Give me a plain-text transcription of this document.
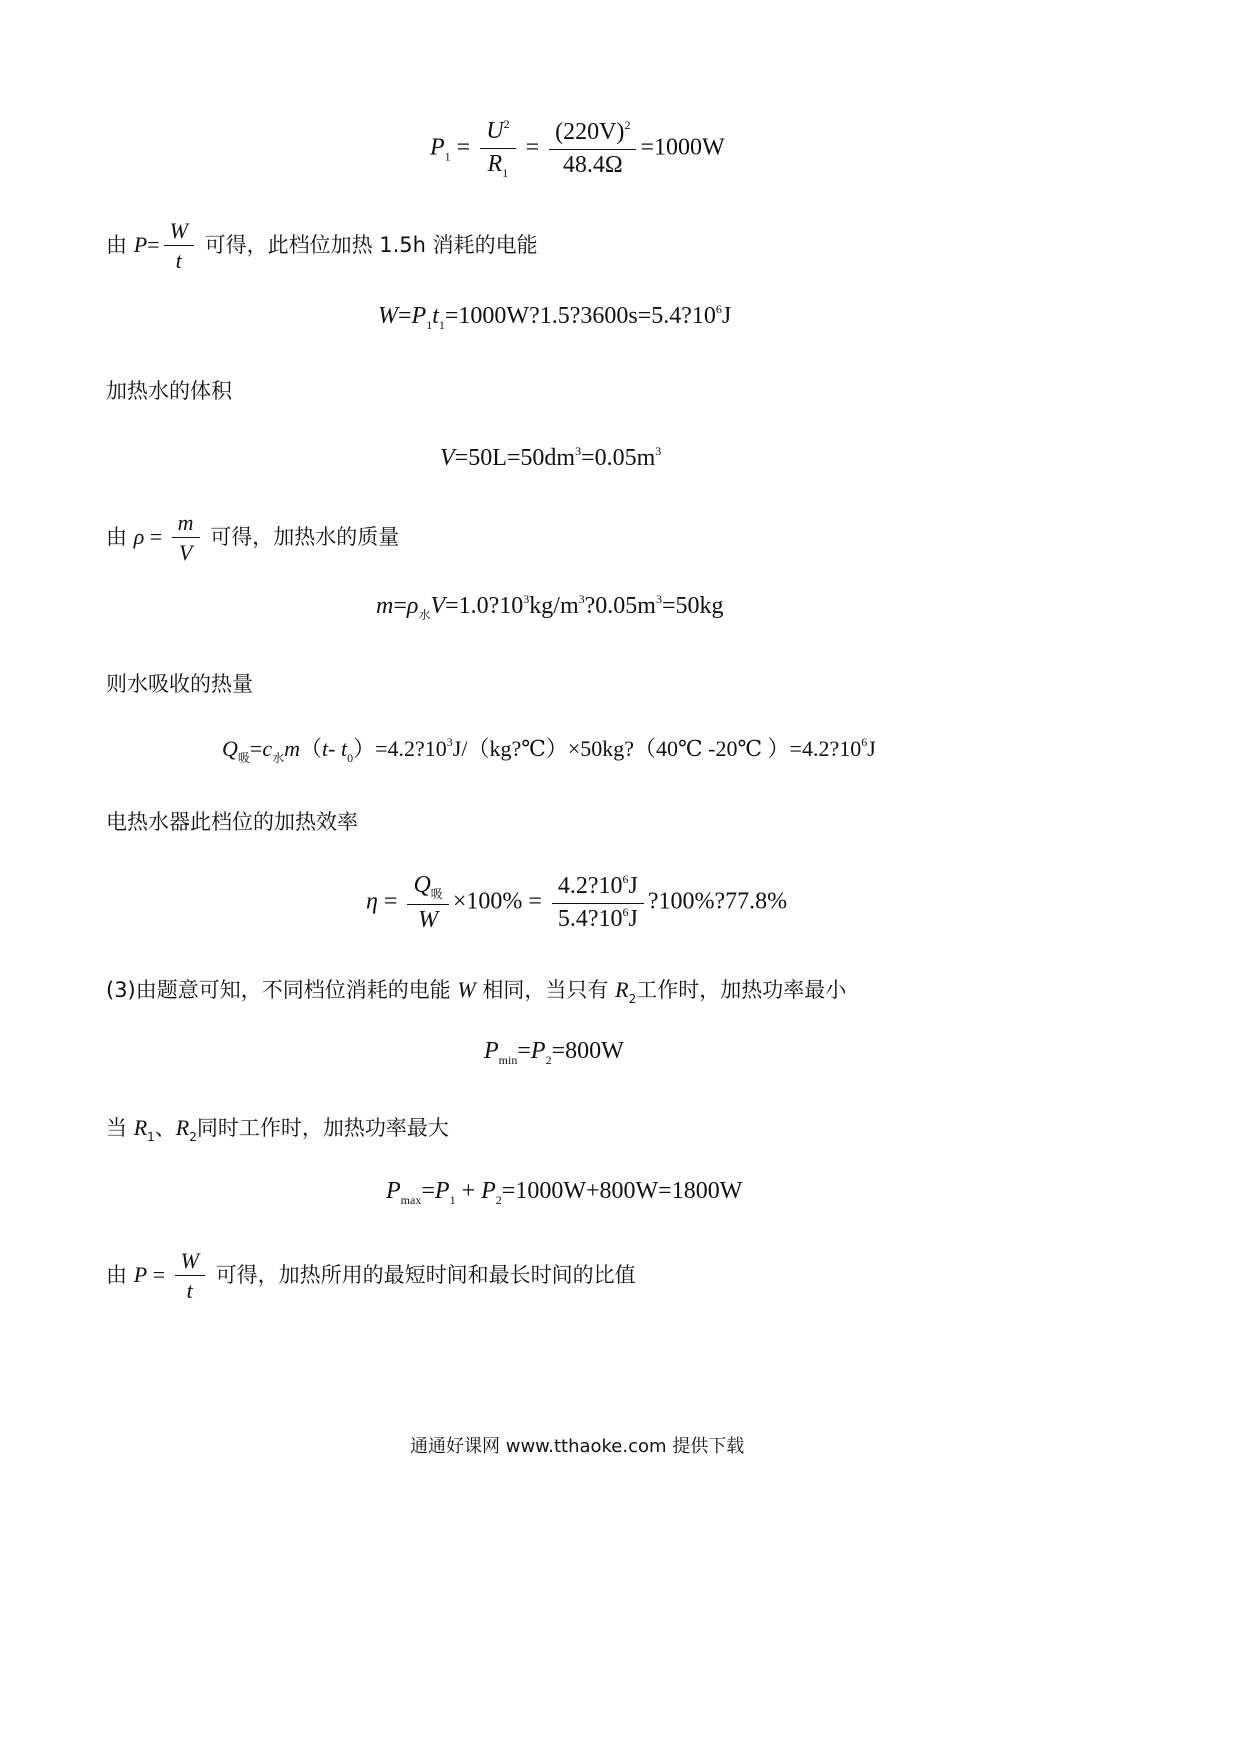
$P_1 = \frac{U^2}{R_1} = \frac{(220V)^2}{48.4\Omega} =1000W$
由 $P= \frac{W}{t}$ 可得，此档位加热 1.5h 消耗的电能
$W=P_1t_1=1000W?1.5?3600s=5.4?10^6J$
加热水的体积
$V=50L=50dm^3=0.05m^3$
由 $\rho = \frac{m}{V}$ 可得，加热水的质量
$m=\rho_水V=1.0?10^3kg/m^3?0.05m^3=50kg$
则水吸收的热量
$Q_吸=c_水m(t-$ $t_0)=4.2?10^3J/(kg?℃)\times 50kg?(40℃$ -20℃ ）$=4.2?10^6J$
电热水器此档位的加热效率
$\eta = \frac{Q_吸}{W} \times 100\% = \frac{4.2?10^6J}{5.4?10^6J}$ ?100%?77.8%
(3)由题意可知，不同档位消耗的电能 W 相同，当只有 $R_2$工作时，加热功率最小
$P_{min}=P_2=800W$
当 $R_1$、$R_2$同时工作时，加热功率最大
$P_{max}=P_1 + P_2=1000W+800W=1800W$
由 $P = \frac{W}{t}$ 可得，加热所用的最短时间和最长时间的比值
通通好课网 www.tthaoke.com 提供下载
